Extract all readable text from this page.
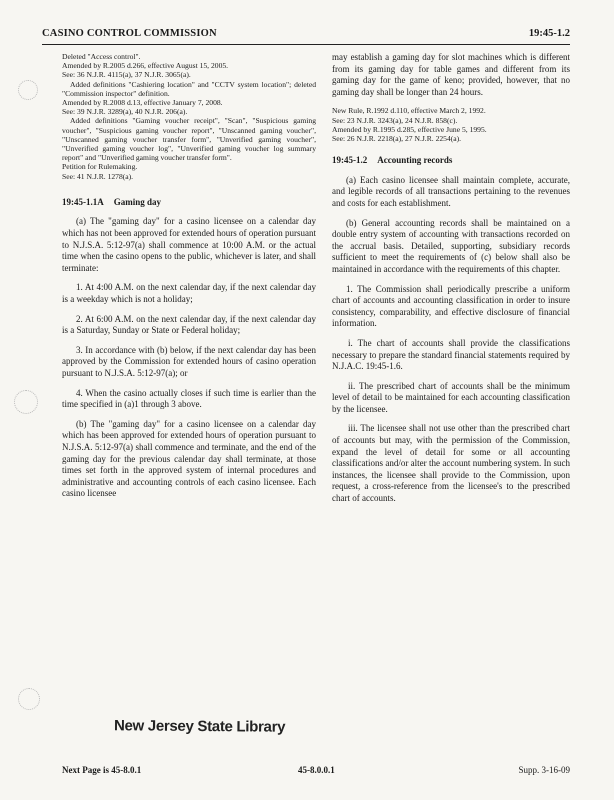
CASINO CONTROL COMMISSION	19:45-1.2

Deleted "Access control".

Amended by R.2005 d.266, effective August 15, 2005.

See: 36 N.J.R. 4115(a), 37 N.J.R. 3065(a).

Added definitions "Cashiering location" and "CCTV system location"; deleted "Commission inspector" definition.

Amended by R.2008 d.13, effective January 7, 2008.

See: 39 N.J.R. 3289(a), 40 N.J.R. 206(a).

Added definitions "Gaming voucher receipt", "Scan", "Suspicious gaming voucher", "Suspicious gaming voucher report", "Unscanned gaming voucher", "Unscanned gaming voucher transfer form", "Unverified gaming voucher", "Unverified gaming voucher log", "Unverified gaming voucher log summary report" and "Unverified gaming voucher transfer form".

Petition for Rulemaking.

See: 41 N.J.R. 1278(a).

19:45-1.1A Gaming day

(a) The "gaming day" for a casino licensee on a calendar day which has not been approved for extended hours of operation pursuant to N.J.S.A. 5:12-97(a) shall commence at 10:00 A.M. or the actual time when the casino opens to the public, whichever is later, and shall terminate:

1. At 4:00 A.M. on the next calendar day, if the next calendar day is a weekday which is not a holiday;

2. At 6:00 A.M. on the next calendar day, if the next calendar day is a Saturday, Sunday or State or Federal holiday;

3. In accordance with (b) below, if the next calendar day has been approved by the Commission for extended hours of casino operation pursuant to N.J.S.A. 5:12-97(a); or

4. When the casino actually closes if such time is earlier than the time specified in (a)1 through 3 above.

(b) The "gaming day" for a casino licensee on a calendar day which has been approved for extended hours of operation pursuant to N.J.S.A. 5:12-97(a) shall commence and terminate, and the end of the gaming day for the previous calendar day shall terminate, at those times set forth in the approved system of internal procedures and administrative and accounting controls of each casino licensee. Each casino licensee

may establish a gaming day for slot machines which is different from its gaming day for table games and different from its gaming day for the game of keno; provided, however, that no gaming day shall be longer than 24 hours.

New Rule, R.1992 d.110, effective March 2, 1992.

See: 23 N.J.R. 3243(a), 24 N.J.R. 858(c).

Amended by R.1995 d.285, effective June 5, 1995.

See: 26 N.J.R. 2218(a), 27 N.J.R. 2254(a).

19:45-1.2 Accounting records

(a) Each casino licensee shall maintain complete, accurate, and legible records of all transactions pertaining to the revenues and costs for each establishment.

(b) General accounting records shall be maintained on a double entry system of accounting with transactions recorded on the accrual basis. Detailed, supporting, subsidiary records sufficient to meet the requirements of (c) below shall also be maintained in accordance with the requirements of this chapter.

1. The Commission shall periodically prescribe a uniform chart of accounts and accounting classification in order to insure consistency, comparability, and effective disclosure of financial information.

i. The chart of accounts shall provide the classifications necessary to prepare the standard financial statements required by N.J.A.C. 19:45-1.6.

ii. The prescribed chart of accounts shall be the minimum level of detail to be maintained for each accounting classification by the licensee.

iii. The licensee shall not use other than the prescribed chart of accounts but may, with the permission of the Commission, expand the level of detail for some or all accounting classifications and/or alter the account numbering system. In such instances, the licensee shall provide to the Commission, upon request, a cross-reference from the licensee's to the prescribed chart of accounts.

New Jersey State Library
Next Page is 45-8.0.1	45-8.0.0.1	Supp. 3-16-09
